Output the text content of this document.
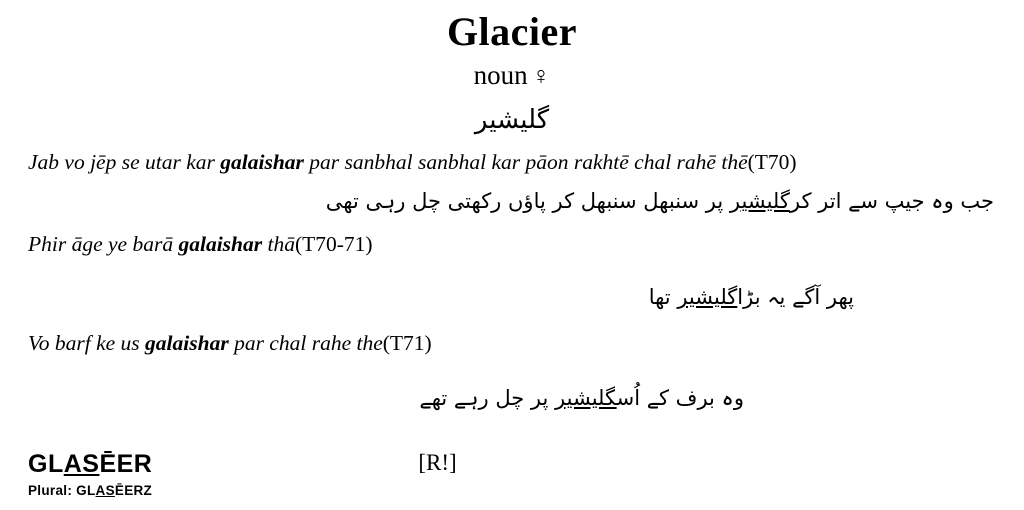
Glacier
noun ♀
گلیشیر
Jab vo jēp se utar kar galaishar par sanbhal sanbhal kar pāon rakhtē chal rahē thē(T70)
جب وہ جیپ سے اتر کرگلیشیر پر سنبھل سنبھل کر پاؤں رکھتی چل رہی تھی
Phir āge ye barā galaishar thā(T70-71)
پھر آگے یہ بڑاگلیشیر تھا
Vo barf ke us galaishar par chal rahe the(T71)
وہ برف کے اُسگلیشیر پر چل رہے تھے
GLASĒER	[R!]
Plural: GLASĒERZ
